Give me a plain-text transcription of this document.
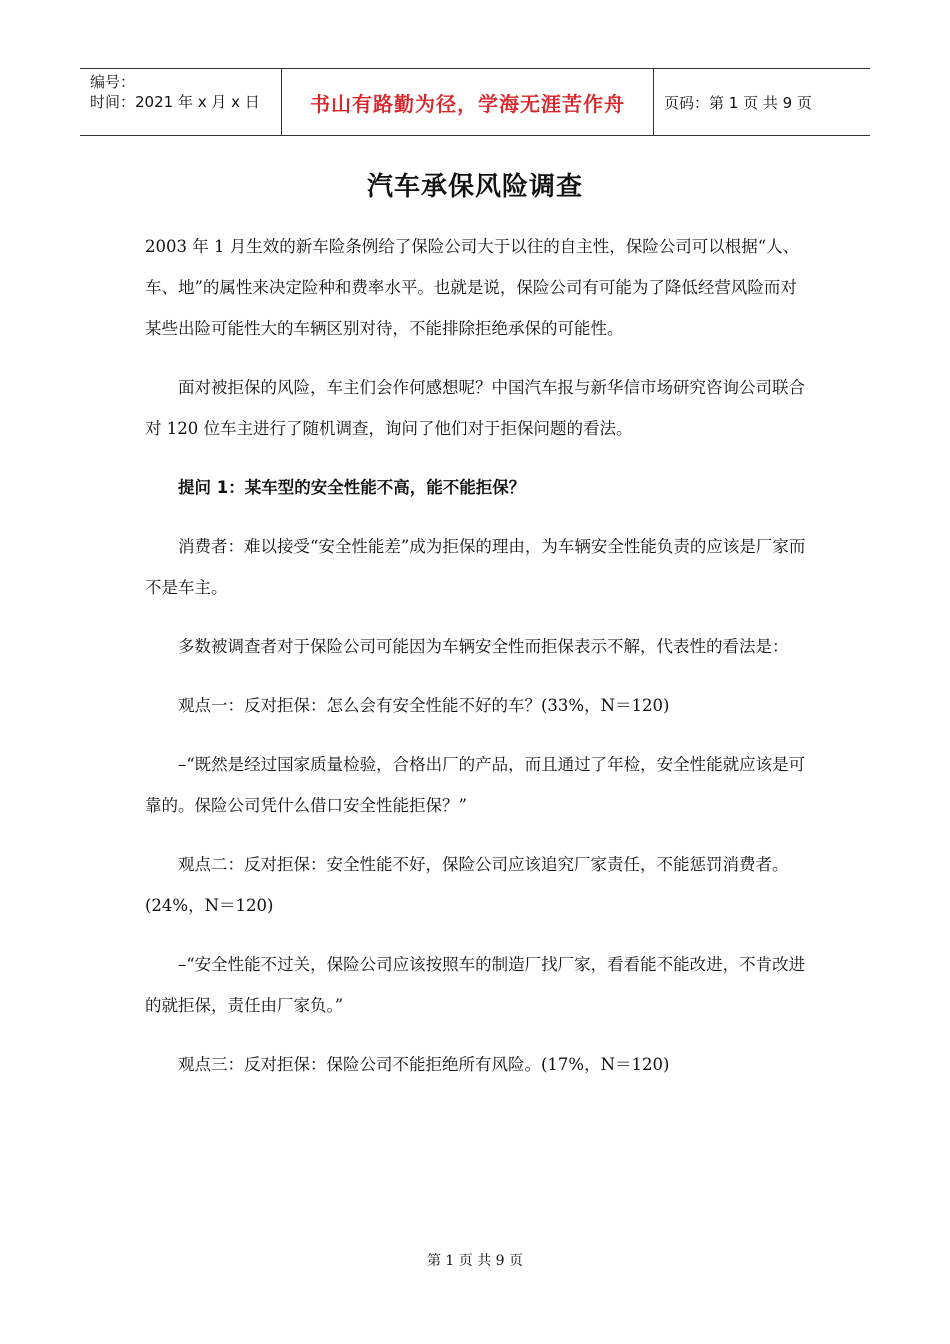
编号：
时间：2021 年 x 月 x 日	书山有路勤为径，学海无涯苦作舟	页码：第 1 页 共 9 页
汽车承保风险调查

2003 年 1 月生效的新车险条例给了保险公司大于以往的自主性，保险公司可以根据“人、车、地”的属性来决定险种和费率水平。也就是说，保险公司有可能为了降低经营风险而对某些出险可能性大的车辆区别对待，不能排除拒绝承保的可能性。

面对被拒保的风险，车主们会作何感想呢？中国汽车报与新华信市场研究咨询公司联合对 120 位车主进行了随机调查，询问了他们对于拒保问题的看法。

提问 1：某车型的安全性能不高，能不能拒保？

消费者：难以接受“安全性能差”成为拒保的理由，为车辆安全性能负责的应该是厂家而不是车主。

多数被调查者对于保险公司可能因为车辆安全性而拒保表示不解，代表性的看法是：

观点一：反对拒保：怎么会有安全性能不好的车？(33%，N＝120)

–“既然是经过国家质量检验，合格出厂的产品，而且通过了年检，安全性能就应该是可靠的。保险公司凭什么借口安全性能拒保？”

观点二：反对拒保：安全性能不好，保险公司应该追究厂家责任，不能惩罚消费者。(24%，N＝120)

–“安全性能不过关，保险公司应该按照车的制造厂找厂家，看看能不能改进，不肯改进的就拒保，责任由厂家负。”

观点三：反对拒保：保险公司不能拒绝所有风险。(17%，N＝120)

第 1 页 共 9 页
